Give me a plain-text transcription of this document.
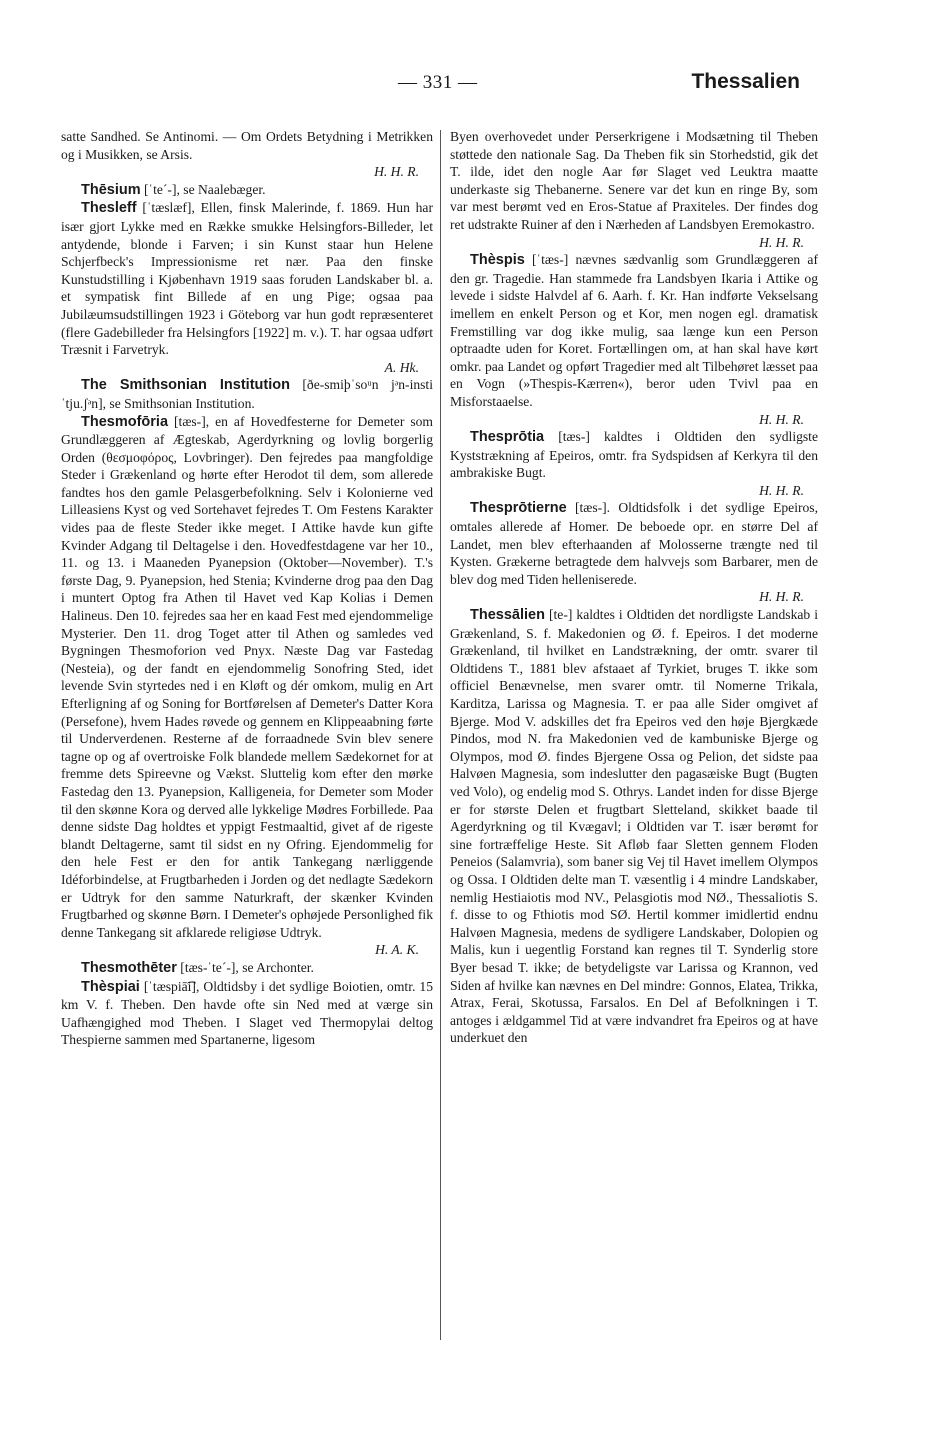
— 331 —	Thessalien

satte Sandhed. Se Antinomi. — Om Ordets Betydning i Metrikken og i Musikken, se Arsis.

H. H. R.

Thēsium [ˈteˊ-], se Naalebæger.

Thesleff [ˈtæslæf], Ellen, finsk Malerinde, f. 1869. Hun har især gjort Lykke med en Række smukke Helsingfors-Billeder, let antydende, blonde i Farven; i sin Kunst staar hun Helene Schjerfbeck's Impressionisme ret nær. Paa den finske Kunstudstilling i Kjøbenhavn 1919 saas foruden Landskaber bl. a. et sympatisk fint Billede af en ung Pige; ogsaa paa Jubilæumsudstillingen 1923 i Göteborg var hun godt repræsenteret (flere Gadebilleder fra Helsingfors [1922] m. v.). T. har ogsaa udført Træsnit i Farvetryk.

A. Hk.

The Smithsonian Institution [ðe-smiþˈsoᵘn jᵊn-instiˈtju.ʃᵊn], se Smithsonian Institution.

Thesmofōria [tæs-], en af Hovedfesterne for Demeter som Grundlæggeren af Ægteskab, Agerdyrkning og lovlig borgerlig Orden (θεσμοφόρος, Lovbringer). Den fejredes paa mangfoldige Steder i Grækenland og hørte efter Herodot til dem, som allerede fandtes hos den gamle Pelasgerbefolkning. Selv i Kolonierne ved Lilleasiens Kyst og ved Sortehavet fejredes T. Om Festens Karakter vides paa de fleste Steder ikke meget. I Attike havde kun gifte Kvinder Adgang til Deltagelse i den. Hovedfestdagene var her 10., 11. og 13. i Maaneden Pyanepsion (Oktober—November). T.'s første Dag, 9. Pyanepsion, hed Stenia; Kvinderne drog paa den Dag i muntert Optog fra Athen til Havet ved Kap Kolias i Demen Halineus. Den 10. fejredes saa her en kaad Fest med ejendommelige Mysterier. Den 11. drog Toget atter til Athen og samledes ved Bygningen Thesmoforion ved Pnyx. Næste Dag var Fastedag (Nesteia), og der fandt en ejendommelig Sonofring Sted, idet levende Svin styrtedes ned i en Kløft og dér omkom, mulig en Art Efterligning af og Soning for Bortførelsen af Demeter's Datter Kora (Persefone), hvem Hades røvede og gennem en Klippeaabning førte til Underverdenen. Resterne af de forraadnede Svin blev senere tagne op og af overtroiske Folk blandede mellem Sædekornet for at fremme dets Spireevne og Vækst. Sluttelig kom efter den mørke Fastedag den 13. Pyanepsion, Kalligeneia, for Demeter som Moder til den skønne Kora og derved alle lykkelige Mødres Forbillede. Paa denne sidste Dag holdtes et yppigt Festmaaltid, givet af de rigeste blandt Deltagerne, samt til sidst en ny Ofring. Ejendommelig for den hele Fest er den for antik Tankegang nærliggende Idéforbindelse, at Frugtbarheden i Jorden og det nedlagte Sædekorn er Udtryk for den samme Naturkraft, der skænker Kvinden Frugtbarhed og skønne Børn. I Demeter's ophøjede Personlighed fik denne Tankegang sit afklarede religiøse Udtryk.

H. A. K.

Thesmothēter [tæs-ˈteˊ-], se Archonter.

Thèspiai [ˈtæspiā͡i], Oldtidsby i det sydlige Boiotien, omtr. 15 km V. f. Theben. Den havde ofte sin Ned med at værge sin Uafhængighed mod Theben. I Slaget ved Thermopylai deltog Thespierne sammen med Spartanerne, ligesom

Byen overhovedet under Perserkrigene i Modsætning til Theben støttede den nationale Sag. Da Theben fik sin Storhedstid, gik det T. ilde, idet den nogle Aar før Slaget ved Leuktra maatte underkaste sig Thebanerne. Senere var det kun en ringe By, som var mest berømt ved en Eros-Statue af Praxiteles. Der findes dog ret udstrakte Ruiner af den i Nærheden af Landsbyen Eremokastro.

H. H. R.

Thèspis [ˈtæs-] nævnes sædvanlig som Grundlæggeren af den gr. Tragedie. Han stammede fra Landsbyen Ikaria i Attike og levede i sidste Halvdel af 6. Aarh. f. Kr. Han indførte Vekselsang imellem en enkelt Person og et Kor, men nogen egl. dramatisk Fremstilling var dog ikke mulig, saa længe kun een Person optraadte uden for Koret. Fortællingen om, at han skal have kørt omkr. paa Landet og opført Tragedier med alt Tilbehøret læsset paa en Vogn (»Thespis-Kærren«), beror uden Tvivl paa en Misforstaaelse.

H. H. R.

Thesprōtia [tæs-] kaldtes i Oldtiden den sydligste Kyststrækning af Epeiros, omtr. fra Sydspidsen af Kerkyra til den ambrakiske Bugt.

H. H. R.

Thesprōtierne [tæs-]. Oldtidsfolk i det sydlige Epeiros, omtales allerede af Homer. De beboede opr. en større Del af Landet, men blev efterhaanden af Molosserne trængte ned til Kysten. Grækerne betragtede dem halvvejs som Barbarer, men de blev dog med Tiden helleniserede.

H. H. R.

Thessālien [te-] kaldtes i Oldtiden det nordligste Landskab i Grækenland, S. f. Makedonien og Ø. f. Epeiros. I det moderne Grækenland, til hvilket en Landstrækning, der omtr. svarer til Oldtidens T., 1881 blev afstaaet af Tyrkiet, bruges T. ikke som officiel Benævnelse, men svarer omtr. til Nomerne Trikala, Karditza, Larissa og Magnesia. T. er paa alle Sider omgivet af Bjerge. Mod V. adskilles det fra Epeiros ved den høje Bjergkæde Pindos, mod N. fra Makedonien ved de kambuniske Bjerge og Olympos, mod Ø. findes Bjergene Ossa og Pelion, det sidste paa Halvøen Magnesia, som indeslutter den pagasæiske Bugt (Bugten ved Volo), og endelig mod S. Othrys. Landet inden for disse Bjerge er for største Delen et frugtbart Sletteland, skikket baade til Agerdyrkning og til Kvægavl; i Oldtiden var T. især berømt for sine fortræffelige Heste. Sit Afløb faar Sletten gennem Floden Peneios (Salamvria), som baner sig Vej til Havet imellem Olympos og Ossa. I Oldtiden delte man T. væsentlig i 4 mindre Landskaber, nemlig Hestiaiotis mod NV., Pelasgiotis mod NØ., Thessaliotis S. f. disse to og Fthiotis mod SØ. Hertil kommer imidlertid endnu Halvøen Magnesia, medens de sydligere Landskaber, Dolopien og Malis, kun i uegentlig Forstand kan regnes til T. Synderlig store Byer besad T. ikke; de betydeligste var Larissa og Krannon, ved Siden af hvilke kan nævnes en Del mindre: Gonnos, Elatea, Trikka, Atrax, Ferai, Skotussa, Farsalos. En Del af Befolkningen i T. antoges i ældgammel Tid at være indvandret fra Epeiros og at have underkuet den
